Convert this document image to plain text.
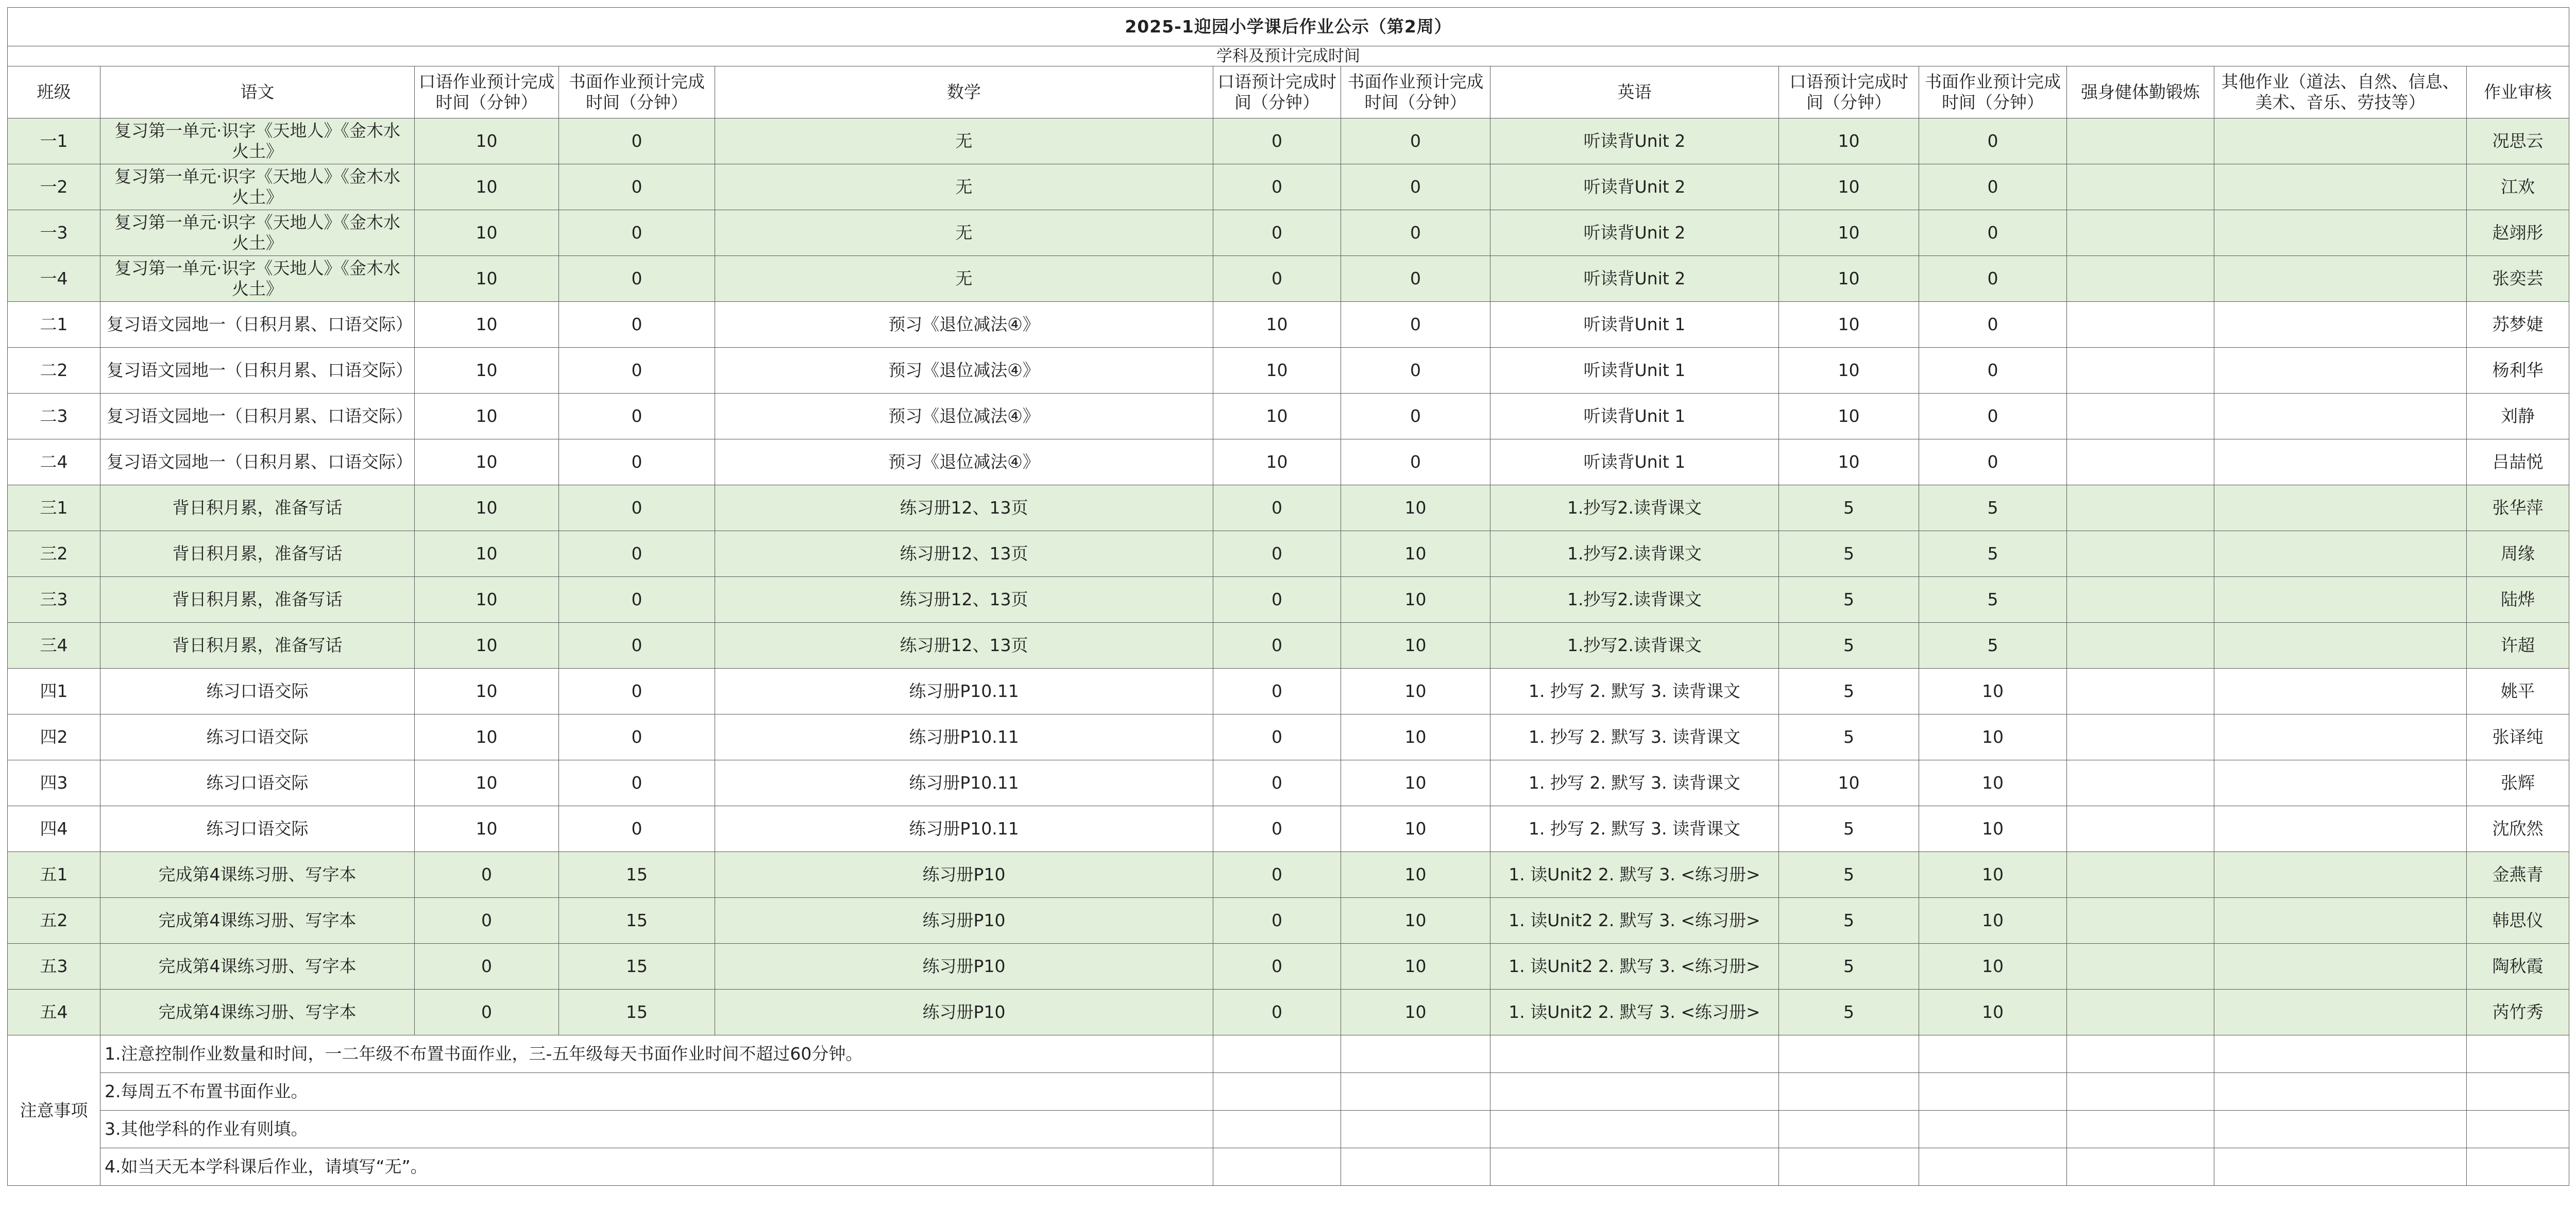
2025-1迎园小学课后作业公示（第2周）												
学科及预计完成时间												
班级	语文	口语作业预计完成时间（分钟）	书面作业预计完成时间（分钟）	数学	口语预计完成时间（分钟）	书面作业预计完成时间（分钟）	英语	口语预计完成时间（分钟）	书面作业预计完成时间（分钟）	强身健体勤锻炼	其他作业（道法、自然、信息、美术、音乐、劳技等）	作业审核
一1	复习第一单元·识字《天地人》《金木水火土》	10	0	无	0	0	听读背Unit 2	10	0			况思云
一2	复习第一单元·识字《天地人》《金木水火土》	10	0	无	0	0	听读背Unit 2	10	0			江欢
一3	复习第一单元·识字《天地人》《金木水火土》	10	0	无	0	0	听读背Unit 2	10	0			赵翊彤
一4	复习第一单元·识字《天地人》《金木水火土》	10	0	无	0	0	听读背Unit 2	10	0			张奕芸
二1	复习语文园地一（日积月累、口语交际）	10	0	预习《退位减法④》	10	0	听读背Unit 1	10	0			苏梦婕
二2	复习语文园地一（日积月累、口语交际）	10	0	预习《退位减法④》	10	0	听读背Unit 1	10	0			杨利华
二3	复习语文园地一（日积月累、口语交际）	10	0	预习《退位减法④》	10	0	听读背Unit 1	10	0			刘静
二4	复习语文园地一（日积月累、口语交际）	10	0	预习《退位减法④》	10	0	听读背Unit 1	10	0			吕喆悦
三1	背日积月累，准备写话	10	0	练习册12、13页	0	10	1.抄写2.读背课文	5	5			张华萍
三2	背日积月累，准备写话	10	0	练习册12、13页	0	10	1.抄写2.读背课文	5	5			周缘
三3	背日积月累，准备写话	10	0	练习册12、13页	0	10	1.抄写2.读背课文	5	5			陆烨
三4	背日积月累，准备写话	10	0	练习册12、13页	0	10	1.抄写2.读背课文	5	5			许超
四1	练习口语交际	10	0	练习册P10.11	0	10	1. 抄写 2. 默写 3. 读背课文	5	10			姚平
四2	练习口语交际	10	0	练习册P10.11	0	10	1. 抄写 2. 默写 3. 读背课文	5	10			张译纯
四3	练习口语交际	10	0	练习册P10.11	0	10	1. 抄写 2. 默写 3. 读背课文	10	10			张辉
四4	练习口语交际	10	0	练习册P10.11	0	10	1. 抄写 2. 默写 3. 读背课文	5	10			沈欣然
五1	完成第4课练习册、写字本	0	15	练习册P10	0	10	1. 读Unit2 2. 默写 3. <练习册>	5	10			金燕青
五2	完成第4课练习册、写字本	0	15	练习册P10	0	10	1. 读Unit2 2. 默写 3. <练习册>	5	10			韩思仪
五3	完成第4课练习册、写字本	0	15	练习册P10	0	10	1. 读Unit2 2. 默写 3. <练习册>	5	10			陶秋霞
五4	完成第4课练习册、写字本	0	15	练习册P10	0	10	1. 读Unit2 2. 默写 3. <练习册>	5	10			芮竹秀
注意事项	1.注意控制作业数量和时间，一二年级不布置书面作业，三-五年级每天书面作业时间不超过60分钟。											
	2.每周五不布置书面作业。											
	3.其他学科的作业有则填。											
	4.如当天无本学科课后作业，请填写“无”。											
